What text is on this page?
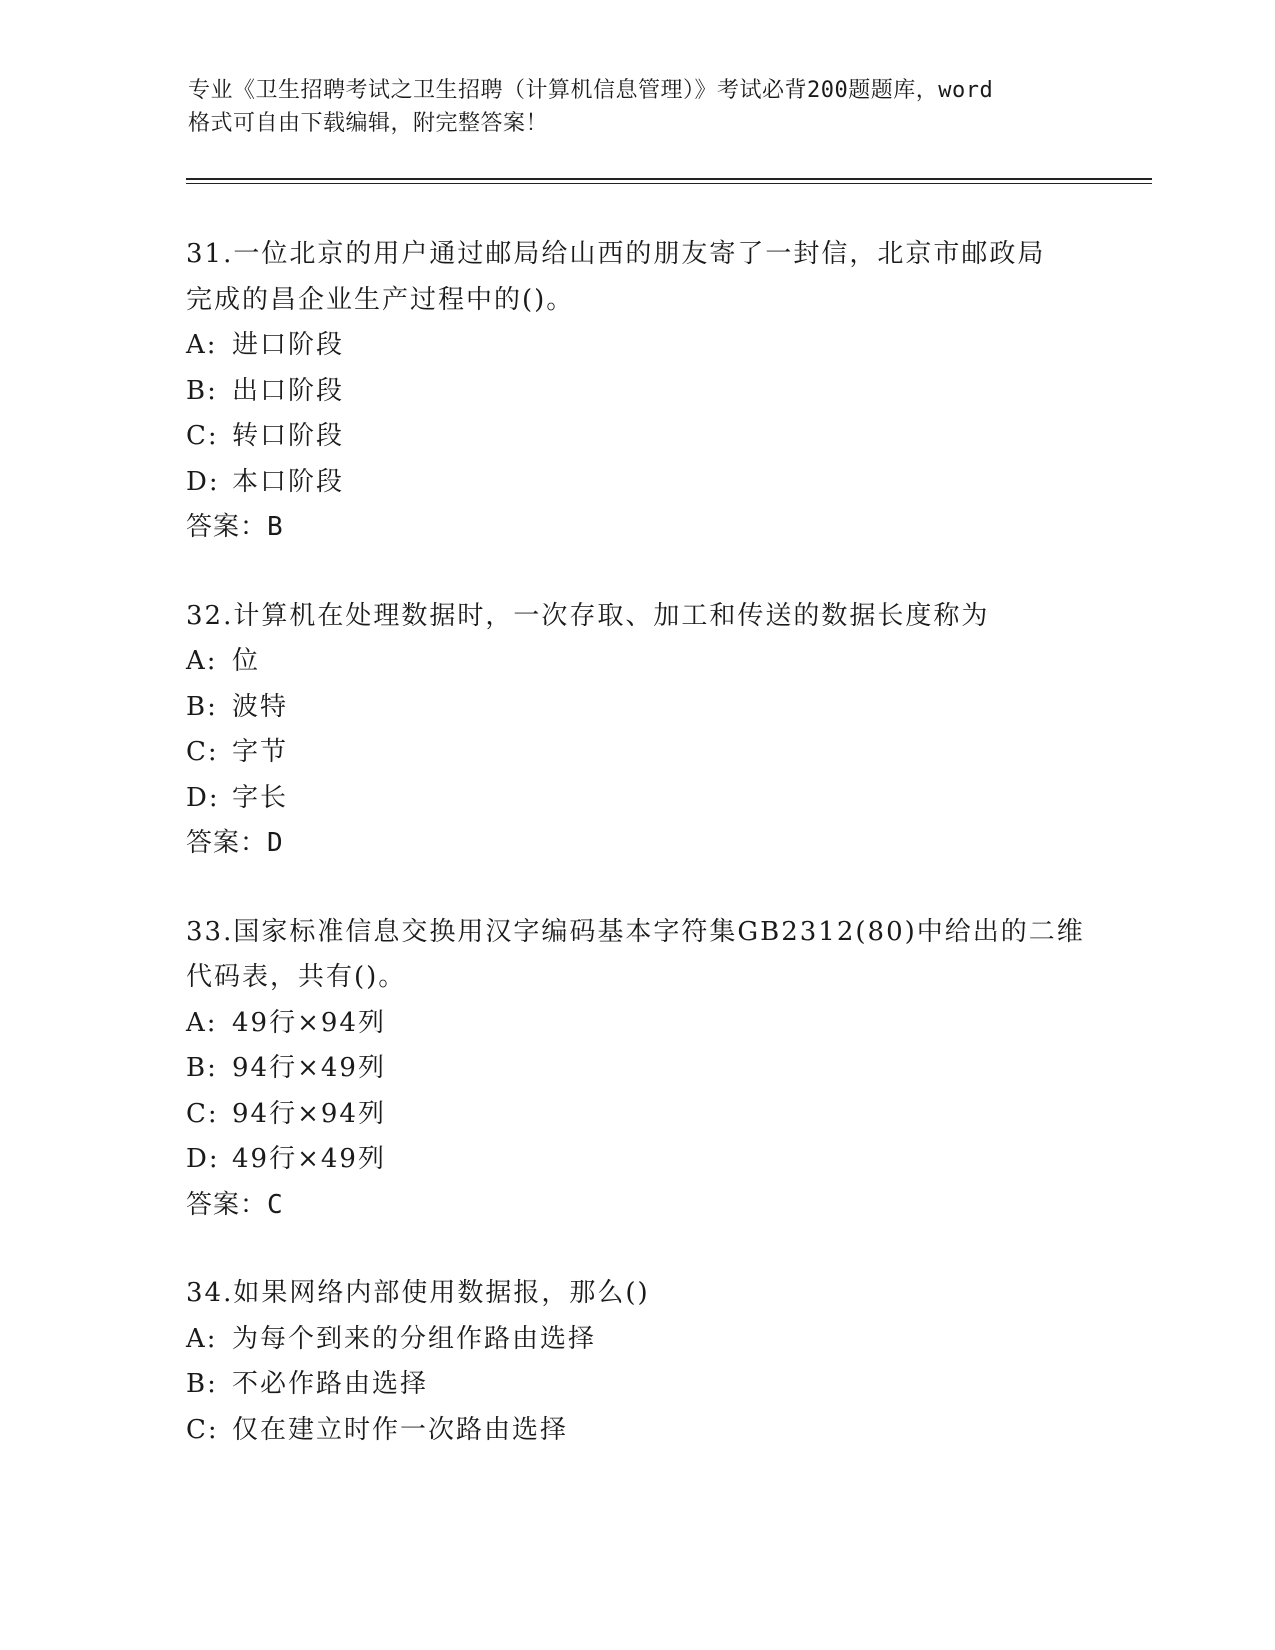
专业《卫生招聘考试之卫生招聘（计算机信息管理）》考试必背200题题库，word

格式可自由下载编辑，附完整答案！

31.一位北京的用户通过邮局给山西的朋友寄了一封信，北京市邮政局
完成的昌企业生产过程中的()。

A: 进口阶段

B: 出口阶段

C: 转口阶段

D: 本口阶段

答案：B

32.计算机在处理数据时，一次存取、加工和传送的数据长度称为

A: 位

B: 波特

C: 字节

D: 字长

答案：D

33.国家标准信息交换用汉字编码基本字符集GB2312(80)中给出的二维
代码表，共有()。

A: 49行×94列

B: 94行×49列

C: 94行×94列

D: 49行×49列

答案：C

34.如果网络内部使用数据报，那么()

A: 为每个到来的分组作路由选择

B: 不必作路由选择

C: 仅在建立时作一次路由选择
